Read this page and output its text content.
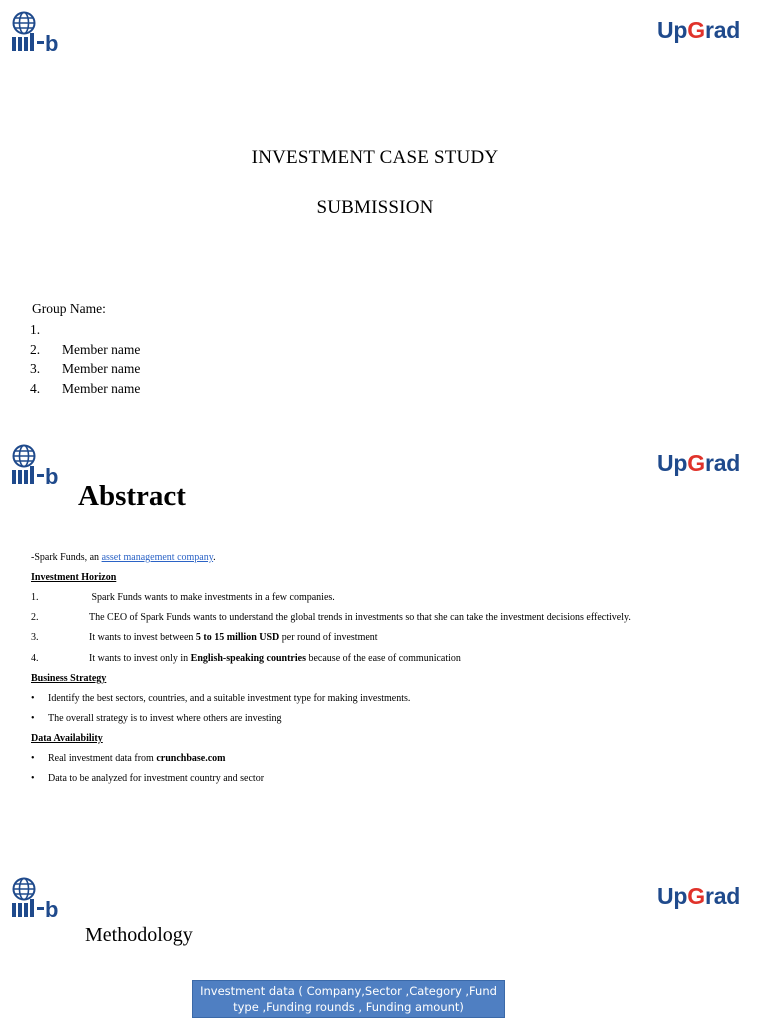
b
UpGrad
INVESTMENT CASE STUDY
SUBMISSION
Group Name:
1.
2.	Member name
3.	Member name
4.	Member name
b
UpGrad
Abstract
-Spark Funds, an asset management company.
Investment Horizon
1.	Spark Funds wants to make investments in a few companies.
2.	The CEO of Spark Funds wants to understand the global trends in investments so that she can take the investment decisions effectively.
3.	It wants to invest between 5 to 15 million USD per round of investment
4.	It wants to invest only in English-speaking countries because of the ease of communication
Business Strategy
•	Identify the best sectors, countries, and a suitable investment type for making investments.
•	The overall strategy is to invest where others are investing
Data Availability
•	Real investment data from crunchbase.com
•	Data to be analyzed for investment country and sector
b
UpGrad
Methodology
Investment data ( Company,Sector ,Category ,Fund
type ,Funding rounds , Funding amount)
